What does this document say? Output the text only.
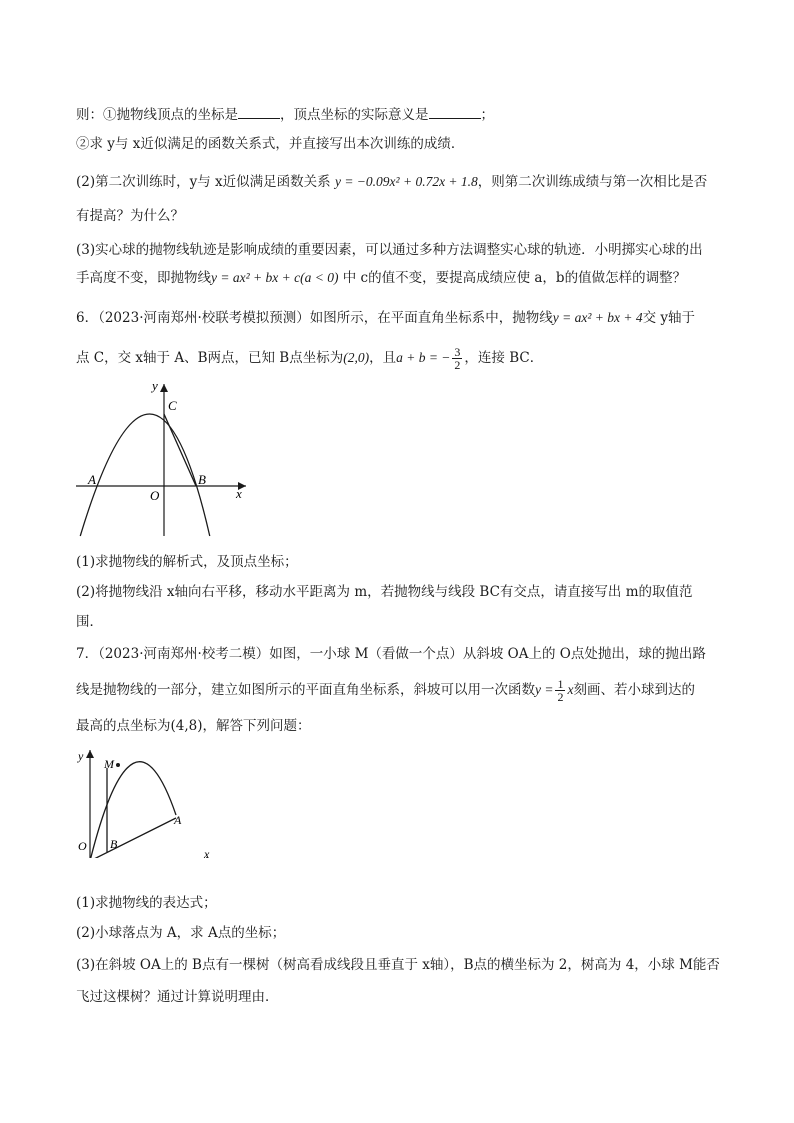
则：①抛物线顶点的坐标是	，顶点坐标的实际意义是	；
②求 y与 x近似满足的函数关系式，并直接写出本次训练的成绩．
(2)第二次训练时，y与 x近似满足函数关系 y = −0.09x² + 0.72x + 1.8，则第二次训练成绩与第一次相比是否
有提高？为什么？
(3)实心球的抛物线轨迹是影响成绩的重要因素，可以通过多种方法调整实心球的轨迹．小明掷实心球的出
手高度不变，即抛物线y = ax² + bx + c(a < 0) 中 c的值不变，要提高成绩应使 a，b的值做怎样的调整？
6．（2023·河南郑州·校联考模拟预测）如图所示，在平面直角坐标系中，抛物线y = ax² + bx + 4交 y轴于
点 C，交 x轴于 A、B两点，已知 B点坐标为(2,0)，且a + b = − $\frac{3}{2}$ ，连接 BC．
y
x
C
A	B
O
(1)求抛物线的解析式，及顶点坐标；
(2)将抛物线沿 x轴向右平移，移动水平距离为 m，若抛物线与线段 BC有交点，请直接写出 m的取值范
围．
7．（2023·河南郑州·校考二模）如图，一小球 M（看做一个点）从斜坡 OA上的 O点处抛出，球的抛出路
线是抛物线的一部分，建立如图所示的平面直角坐标系，斜坡可以用一次函数$y = \frac{1}{2}$ x刻画、若小球到达的
最高的点坐标为(4,8)，解答下列问题：
y
x
M
A
B
O
(1)求抛物线的表达式；
(2)小球落点为 A，求 A点的坐标；
(3)在斜坡 OA上的 B点有一棵树（树高看成线段且垂直于 x轴），B点的横坐标为 2，树高为 4，小球 M能否
飞过这棵树？通过计算说明理由．
